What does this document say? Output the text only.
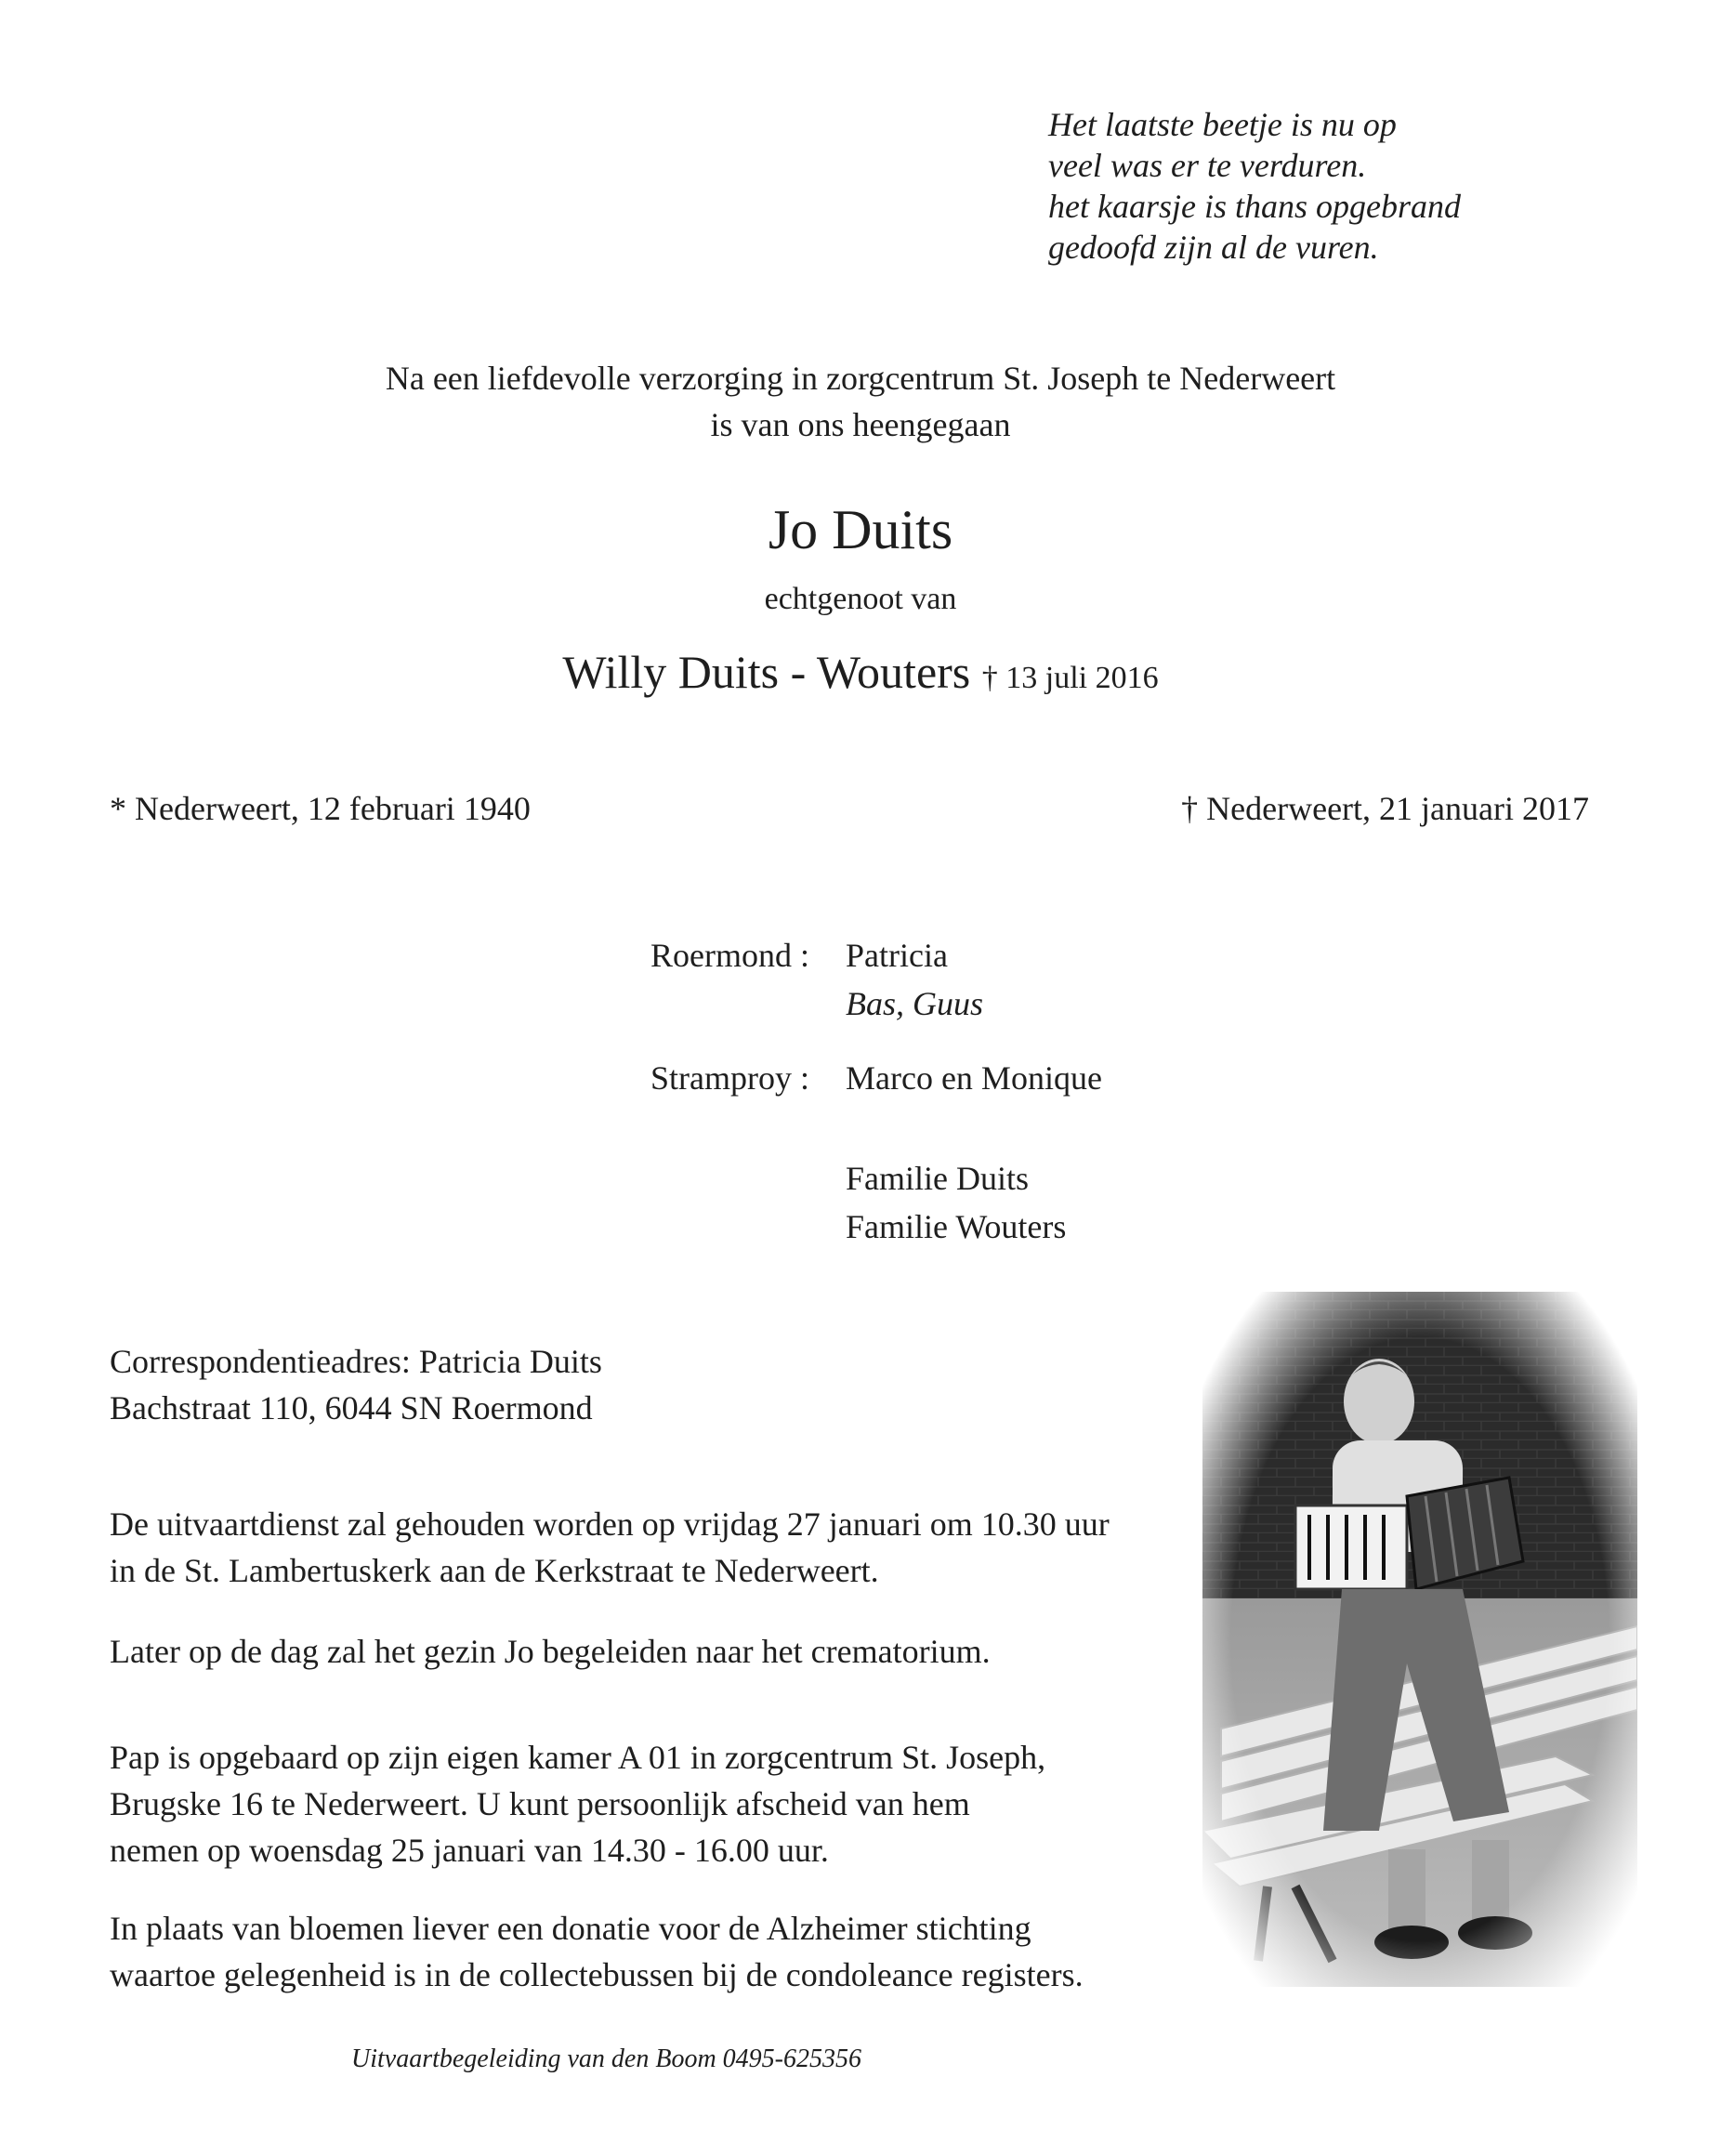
Het laatste beetje is nu op
veel was er te verduren.
het kaarsje is thans opgebrand
gedoofd zijn al de vuren.
Na een liefdevolle verzorging in zorgcentrum St. Joseph te Nederweert
is van ons heengegaan
Jo Duits
echtgenoot van
Willy Duits - Wouters † 13 juli 2016
* Nederweert, 12 februari 1940	† Nederweert, 21 januari 2017
Roermond :	Patricia
	Bas, Guus

Stramproy :	Marco en Monique

	Familie Duits
	Familie Wouters
Correspondentieadres: Patricia Duits
Bachstraat 110, 6044 SN Roermond
De uitvaartdienst zal gehouden worden op vrijdag 27 januari om 10.30 uur
in de St. Lambertuskerk aan de Kerkstraat te Nederweert.
Later op de dag zal het gezin Jo begeleiden naar het crematorium.
Pap is opgebaard op zijn eigen kamer A 01 in zorgcentrum St. Joseph,
Brugske 16 te Nederweert. U kunt persoonlijk afscheid van hem
nemen op woensdag 25 januari van 14.30 - 16.00 uur.
In plaats van bloemen liever een donatie voor de Alzheimer stichting
waartoe gelegenheid is in de collectebussen bij de condoleance registers.
Uitvaartbegeleiding van den Boom 0495-625356
